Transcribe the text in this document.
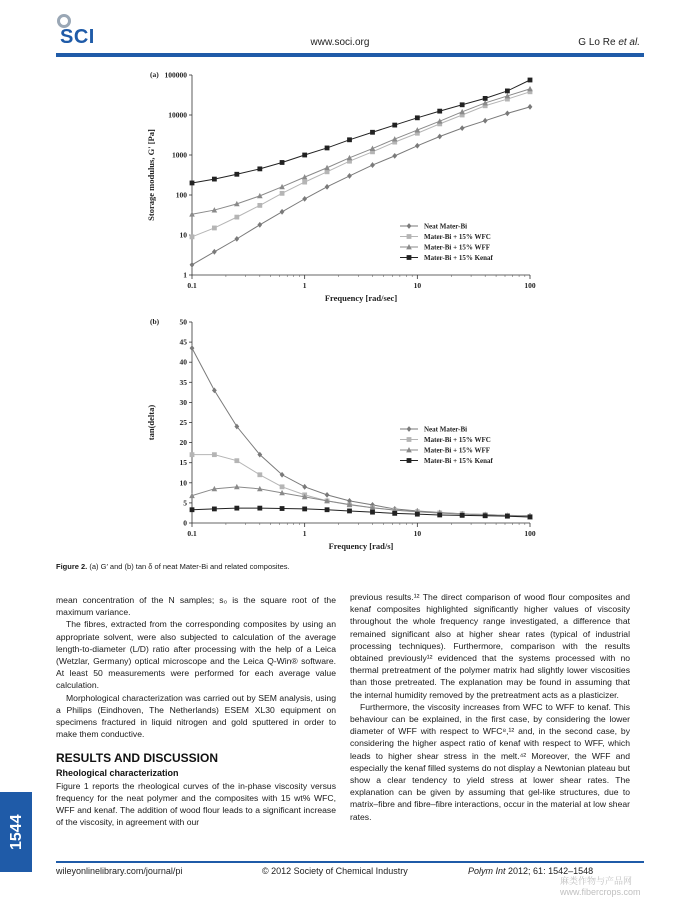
SCI	www.soci.org	G Lo Re et al.
0.1	1	10	100
1
10
100
1000
10000
100000
Frequency [rad/sec]
Storage modulus, G' [Pa]
(a)
Neat Mater-Bi
Mater-Bi + 15% WFC
Mater-Bi + 15% WFF
Mater-Bi + 15% Kenaf
0.1	1	10	100
0
5
10
15
20
25
30
35
40
45
50
Frequency [rad/s]
tan(delta)
(b)
Neat Mater-Bi
Mater-Bi + 15% WFC
Mater-Bi + 15% WFF
Mater-Bi + 15% Kenaf
Figure 2. (a) G′ and (b) tan δ of neat Mater-Bi and related composites.

mean concentration of the N samples; s₀ is the square root of the maximum variance.

The fibres, extracted from the corresponding composites by using an appropriate solvent, were also subjected to calculation of the average length-to-diameter (L/D) ratio after processing with the help of a Leica (Wetzlar, Germany) optical microscope and the Leica Q-Win® software. At least 50 measurements were performed for each average value calculation.

Morphological characterization was carried out by SEM analysis, using a Philips (Eindhoven, The Netherlands) ESEM XL30 equipment on specimens fractured in liquid nitrogen and gold sputtered in order to make them conductive.

RESULTS AND DISCUSSION
Rheological characterization

Figure 1 reports the rheological curves of the in-phase viscosity versus frequency for the neat polymer and the composites with 15 wt% WFC, WFF and kenaf. The addition of wood flour leads to a significant increase of the viscosity, in agreement with our

previous results.¹² The direct comparison of wood flour composites and kenaf composites highlighted significantly higher values of viscosity throughout the whole frequency range investigated, a difference that remained significant also at higher shear rates (typical of industrial processing techniques). Furthermore, comparison with the results obtained previously¹² evidenced that the systems processed with no thermal pretreatment of the polymer matrix had slightly lower viscosities than those pretreated. The explanation may be found in assuming that the internal humidity removed by the pretreatment acts as a plasticizer.

Furthermore, the viscosity increases from WFC to WFF to kenaf. This behaviour can be explained, in the first case, by considering the lower diameter of WFF with respect to WFC⁸,¹² and, in the second case, by considering the higher aspect ratio of kenaf with respect to WFF, which leads to higher shear stress in the melt.⁴² Moreover, the WFF and especially the kenaf filled systems do not display a Newtonian plateau but show a clear tendency to yield stress at lower shear rates. The explanation can be given by assuming that gel-like structures, due to matrix–fibre and fibre–fibre interactions, occur in the material at low shear rates.

1544
wileyonlinelibrary.com/journal/pi	© 2012 Society of Chemical Industry	Polym Int 2012; 61: 1542–1548
麻类作物与产品网 www.fibercrops.com
